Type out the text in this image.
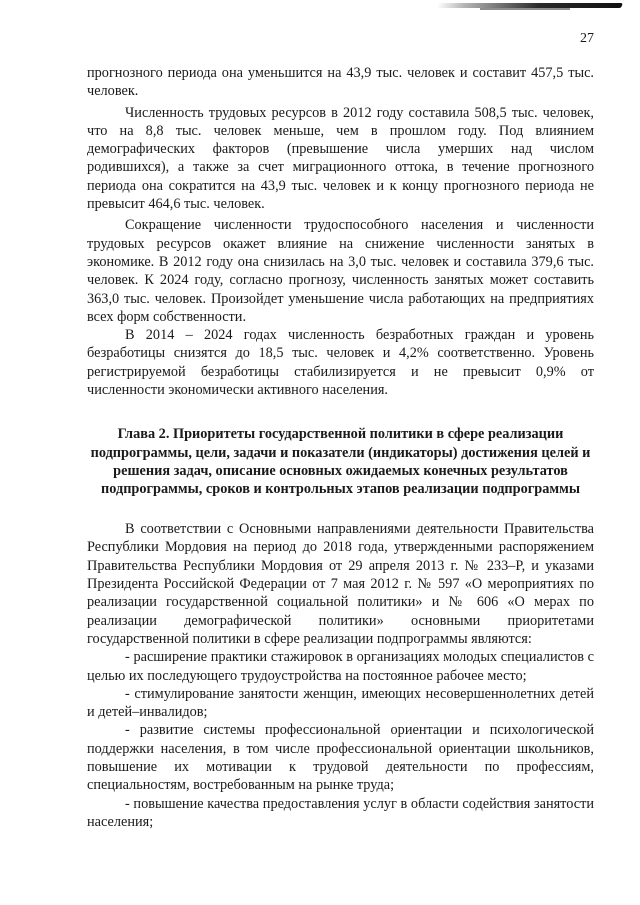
27

прогнозного периода она уменьшится на 43,9 тыс. человек и составит 457,5 тыс. человек.

Численность трудовых ресурсов в 2012 году составила 508,5 тыс. человек, что на 8,8 тыс. человек меньше, чем в прошлом году. Под влиянием демографических факторов (превышение числа умерших над числом родившихся), а также за счет миграционного оттока, в течение прогнозного периода она сократится на 43,9 тыс. человек и к концу прогнозного периода не превысит 464,6 тыс. человек.

Сокращение численности трудоспособного населения и численности трудовых ресурсов окажет влияние на снижение численности занятых в экономике. В 2012 году она снизилась на 3,0 тыс. человек и составила 379,6 тыс. человек. К 2024 году, согласно прогнозу, численность занятых может составить 363,0 тыс. человек. Произойдет уменьшение числа работающих на предприятиях всех форм собственности.

В 2014 – 2024 годах численность безработных граждан и уровень безработицы снизятся до 18,5 тыс. человек и 4,2% соответственно. Уровень регистрируемой безработицы стабилизируется и не превысит 0,9% от численности экономически активного населения.

Глава 2. Приоритеты государственной политики в сфере реализации подпрограммы, цели, задачи и показатели (индикаторы) достижения целей и решения задач, описание основных ожидаемых конечных результатов подпрограммы, сроков и контрольных этапов реализации подпрограммы

В соответствии с Основными направлениями деятельности Правительства Республики Мордовия на период до 2018 года, утвержденными распоряжением Правительства Республики Мордовия от 29 апреля 2013 г. № 233–Р, и указами Президента Российской Федерации от 7 мая 2012 г. № 597 «О мероприятиях по реализации государственной социальной политики» и № 606 «О мерах по реализации демографической политики» основными приоритетами государственной политики в сфере реализации подпрограммы являются:

- расширение практики стажировок в организациях молодых специалистов с целью их последующего трудоустройства на постоянное рабочее место;

- стимулирование занятости женщин, имеющих несовершеннолетних детей и детей–инвалидов;

- развитие системы профессиональной ориентации и психологической поддержки населения, в том числе профессиональной ориентации школьников, повышение их мотивации к трудовой деятельности по профессиям, специальностям, востребованным на рынке труда;

- повышение качества предоставления услуг в области содействия занятости населения;
